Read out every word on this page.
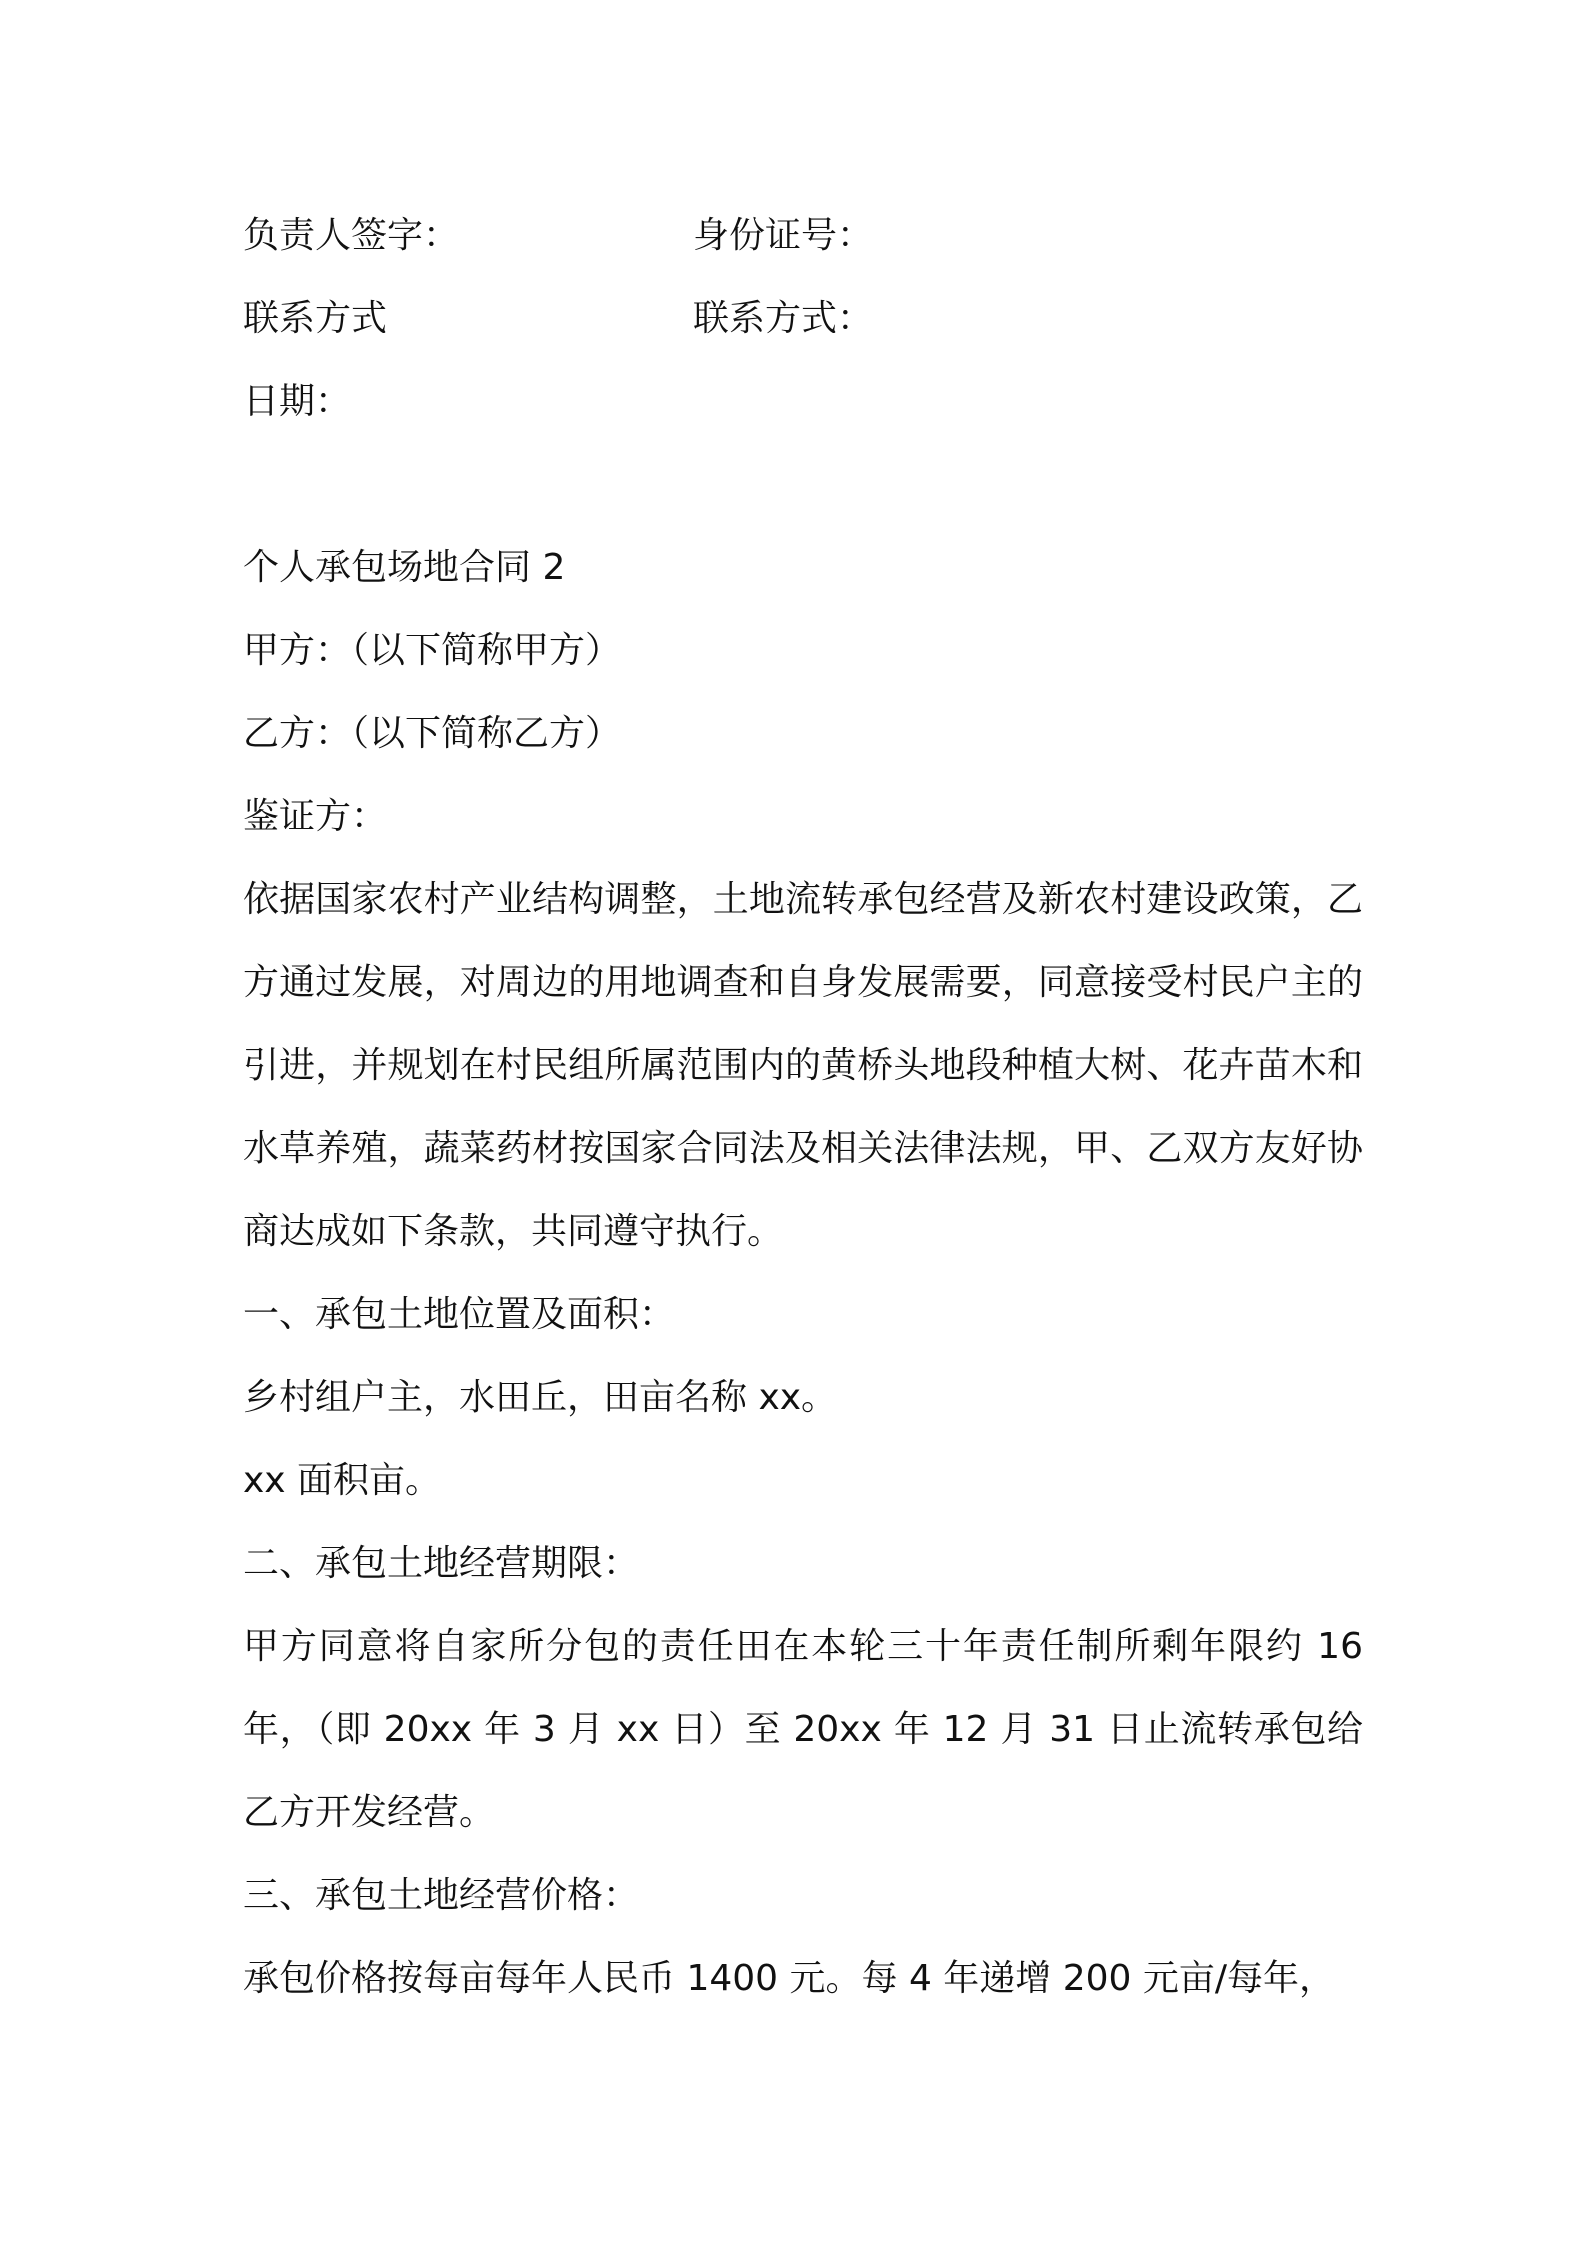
负责人签字：	身份证号：
联系方式	联系方式：
日期：
个人承包场地合同 2
甲方：（以下简称甲方）
乙方：（以下简称乙方）
鉴证方：
依据国家农村产业结构调整，土地流转承包经营及新农村建设政策，乙方通过发展，对周边的用地调查和自身发展需要，同意接受村民户主的引进，并规划在村民组所属范围内的黄桥头地段种植大树、花卉苗木和水草养殖，蔬菜药材按国家合同法及相关法律法规，甲、乙双方友好协商达成如下条款，共同遵守执行。
一、承包土地位置及面积：
乡村组户主，水田丘，田亩名称 xx。
xx 面积亩。
二、承包土地经营期限：
甲方同意将自家所分包的责任田在本轮三十年责任制所剩年限约 16 年，（即 20xx 年 3 月 xx 日）至 20xx 年 12 月 31 日止流转承包给乙方开发经营。
三、承包土地经营价格：
承包价格按每亩每年人民币 1400 元。每 4 年递增 200 元亩/每年，
